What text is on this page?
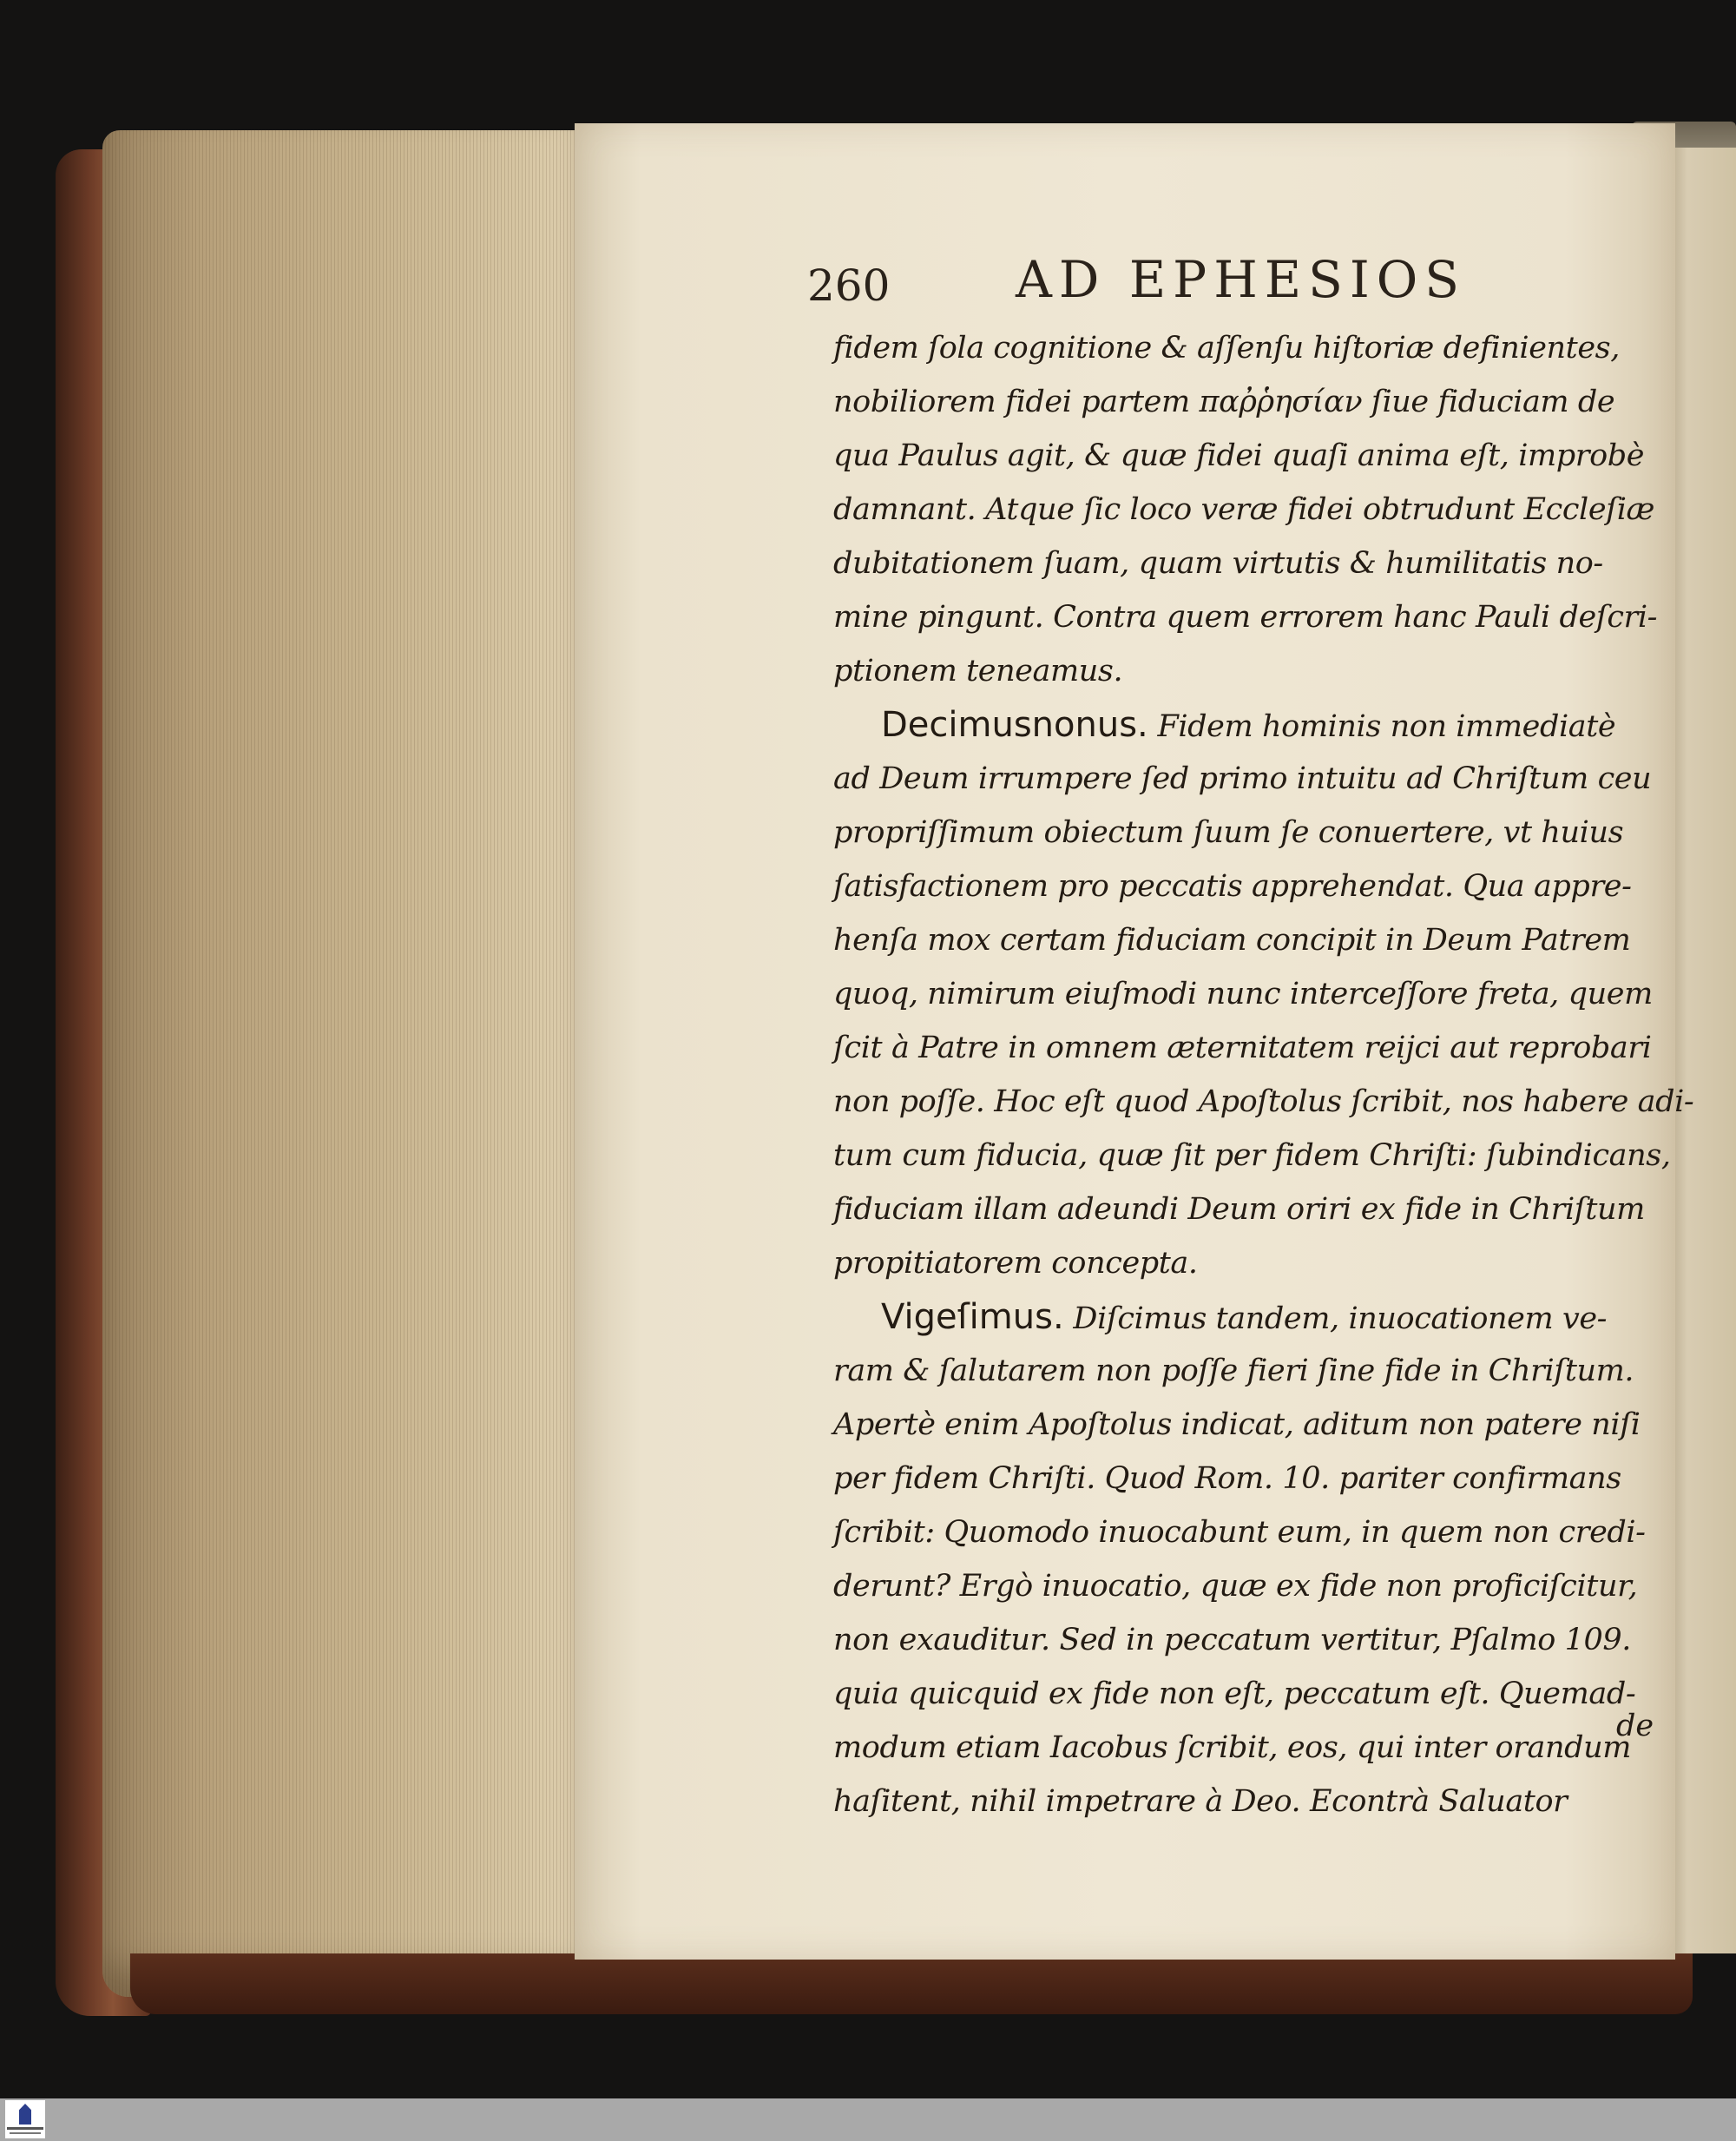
260 AD EPHESIOS
fidem ſola cognitione & aſſenſu hiſtoriæ definientes,
nobiliorem fidei partem παῤῥησίαν ſiue fiduciam de
qua Paulus agit, & quæ fidei quaſi anima eſt, improbè
damnant. Atque ſic loco veræ fidei obtrudunt Eccleſiæ
dubitationem ſuam, quam virtutis & humilitatis no-
mine pingunt. Contra quem errorem hanc Pauli deſcri-
ptionem teneamus.
Decimusnonus. Fidem hominis non immediatè
ad Deum irrumpere ſed primo intuitu ad Chriſtum ceu
propriſſimum obiectum ſuum ſe conuertere, vt huius
ſatisfactionem pro peccatis apprehendat. Qua appre-
henſa mox certam fiduciam concipit in Deum Patrem
quoq, nimirum eiuſmodi nunc interceſſore freta, quem
ſcit à Patre in omnem æternitatem reijci aut reprobari
non poſſe. Hoc eſt quod Apoſtolus ſcribit, nos habere adi-
tum cum fiducia, quæ ſit per fidem Chriſti: ſubindicans,
fiduciam illam adeundi Deum oriri ex fide in Chriſtum
propitiatorem concepta.
Vigeſimus. Diſcimus tandem, inuocationem ve-
ram & ſalutarem non poſſe fieri ſine fide in Chriſtum.
Apertè enim Apoſtolus indicat, aditum non patere niſi
per fidem Chriſti. Quod Rom. 10. pariter confirmans
ſcribit: Quomodo inuocabunt eum, in quem non credi-
derunt? Ergò inuocatio, quæ ex fide non proficiſcitur,
non exauditur. Sed in peccatum vertitur, Pſalmo 109.
quia quicquid ex fide non eſt, peccatum eſt. Quemad-
modum etiam Iacobus ſcribit, eos, qui inter orandum
haſitent, nihil impetrare à Deo. Econtrà Saluator
de
